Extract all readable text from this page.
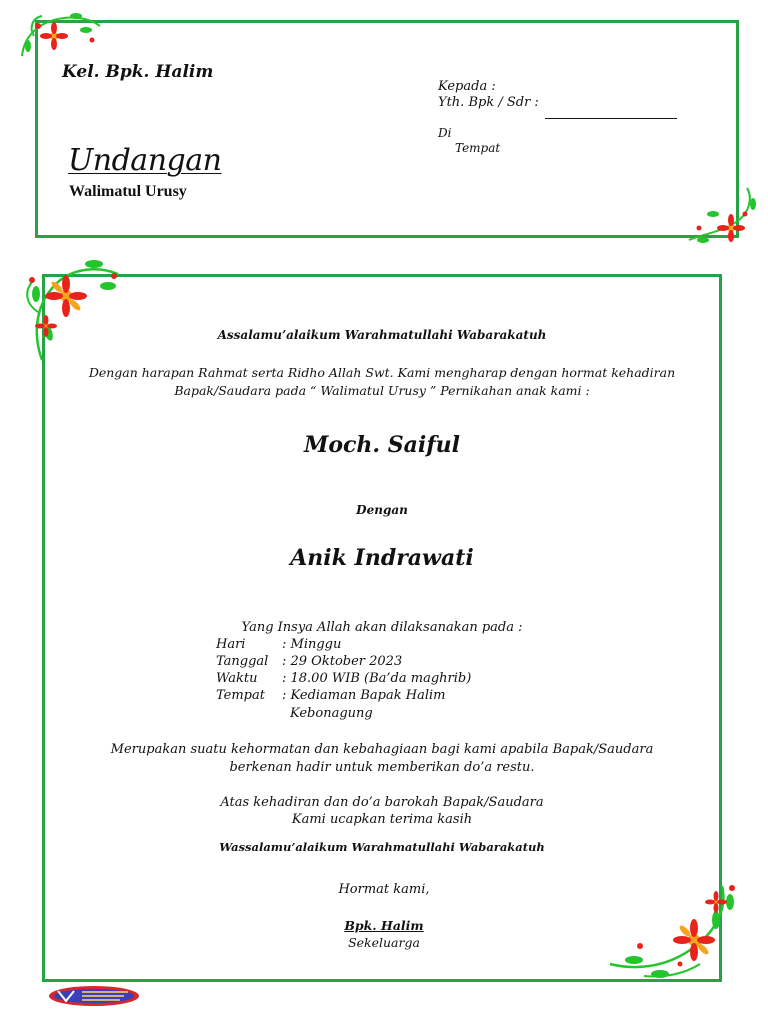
Kel. Bpk. Halim
Kepada :
Yth. Bpk / Sdr :
Di
Tempat
Undangan
Walimatul Urusy
Assalamu’alaikum Warahmatullahi Wabarakatuh
Dengan harapan Rahmat serta Ridho Allah Swt. Kami mengharap dengan hormat kehadiran
Bapak/Saudara pada “ Walimatul Urusy ” Pernikahan anak kami :
Moch. Saiful
Dengan
Anik Indrawati
Yang Insya Allah akan dilaksanakan pada :
Hari	: Minggu
Tanggal : 29 Oktober 2023
Waktu : 18.00 WIB (Ba’da maghrib)
Tempat : Kediaman Bapak Halim
Kebonagung
Merupakan suatu kehormatan dan kebahagiaan bagi kami apabila Bapak/Saudara
berkenan hadir untuk memberikan do’a restu.
Atas kehadiran dan do’a barokah Bapak/Saudara
Kami ucapkan terima kasih
Wassalamu’alaikum Warahmatullahi Wabarakatuh
Hormat kami,
Bpk. Halim
Sekeluarga
